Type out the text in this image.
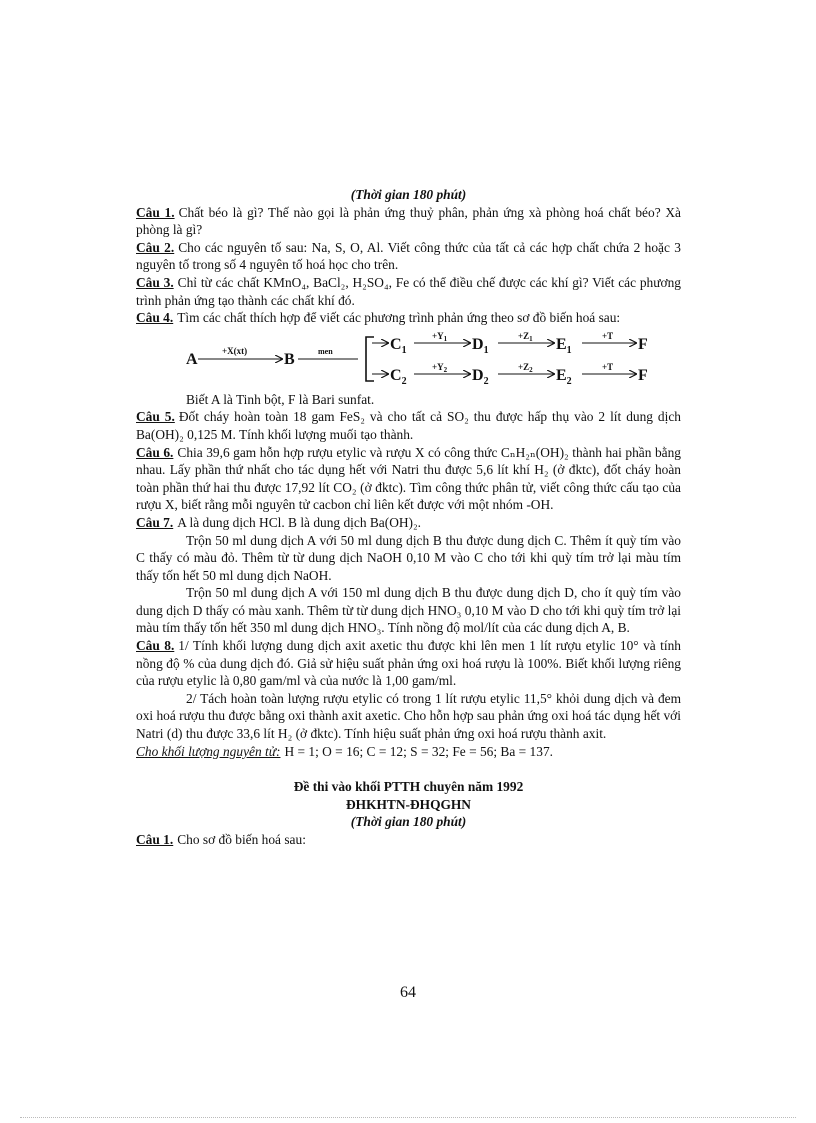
(Thời gian 180 phút)

Câu 1. Chất béo là gì? Thế nào gọi là phản ứng thuỷ phân, phản ứng xà phòng hoá chất béo? Xà phòng là gì?

Câu 2. Cho các nguyên tố sau: Na, S, O, Al. Viết công thức của tất cả các hợp chất chứa 2 hoặc 3 nguyên tố trong số 4 nguyên tố hoá học cho trên.

Câu 3. Chỉ từ các chất KMnO₄, BaCl₂, H₂SO₄, Fe có thể điều chế được các khí gì? Viết các phương trình phản ứng tạo thành các chất khí đó.

Câu 4. Tìm các chất thích hợp để viết các phương trình phản ứng theo sơ đồ biến hoá sau:

A	+X(xt) B	men	$C_1$
$+Y_1$ $D_1$
$+Z_1$ $E_1$
+T F
$C_2$
$+Y_2$ $D_2$
$+Z_2$ $E_2$
+T F

Biết A là Tinh bột, F là Bari sunfat.

Câu 5. Đốt cháy hoàn toàn 18 gam FeS₂ và cho tất cả SO₂ thu được hấp thụ vào 2 lít dung dịch Ba(OH)₂ 0,125 M. Tính khối lượng muối tạo thành.

Câu 6. Chia 39,6 gam hỗn hợp rượu etylic và rượu X có công thức CₙH₂ₙ(OH)₂ thành hai phần bằng nhau. Lấy phần thứ nhất cho tác dụng hết với Natri thu được 5,6 lít khí H₂ (ở đktc), đốt cháy hoàn toàn phần thứ hai thu được 17,92 lít CO₂ (ở đktc). Tìm công thức phân tử, viết công thức cấu tạo của rượu X, biết rằng mỗi nguyên tử cacbon chỉ liên kết được với một nhóm -OH.

Câu 7. A là dung dịch HCl. B là dung dịch Ba(OH)₂.

Trộn 50 ml dung dịch A với 50 ml dung dịch B thu được dung dịch C. Thêm ít quỳ tím vào C thấy có màu đỏ. Thêm từ từ dung dịch NaOH 0,10 M vào C cho tới khi quỳ tím trở lại màu tím thấy tốn hết 50 ml dung dịch NaOH.

Trộn 50 ml dung dịch A với 150 ml dung dịch B thu được dung dịch D, cho ít quỳ tím vào dung dịch D thấy có màu xanh. Thêm từ từ dung dịch HNO₃ 0,10 M vào D cho tới khi quỳ tím trở lại màu tím thấy tốn hết 350 ml dung dịch HNO₃. Tính nồng độ mol/lít của các dung dịch A, B.

Câu 8. 1/ Tính khối lượng dung dịch axit axetic thu được khi lên men 1 lít rượu etylic 10° và tính nồng độ % của dung dịch đó. Giả sử hiệu suất phản ứng oxi hoá rượu là 100%. Biết khối lượng riêng của rượu etylic là 0,80 gam/ml và của nước là 1,00 gam/ml.

2/ Tách hoàn toàn lượng rượu etylic có trong 1 lít rượu etylic 11,5° khỏi dung dịch và đem oxi hoá rượu thu được bằng oxi thành axit axetic. Cho hỗn hợp sau phản ứng oxi hoá tác dụng hết với Natri (d) thu được 33,6 lít H₂ (ở đktc). Tính hiệu suất phản ứng oxi hoá rượu thành axit.

Cho khối lượng nguyên tử: H = 1; O = 16; C = 12; S = 32; Fe = 56; Ba = 137.

Đề thi vào khối PTTH chuyên năm 1992
ĐHKHTN-ĐHQGHN
(Thời gian 180 phút)

Câu 1. Cho sơ đồ biến hoá sau:

64
